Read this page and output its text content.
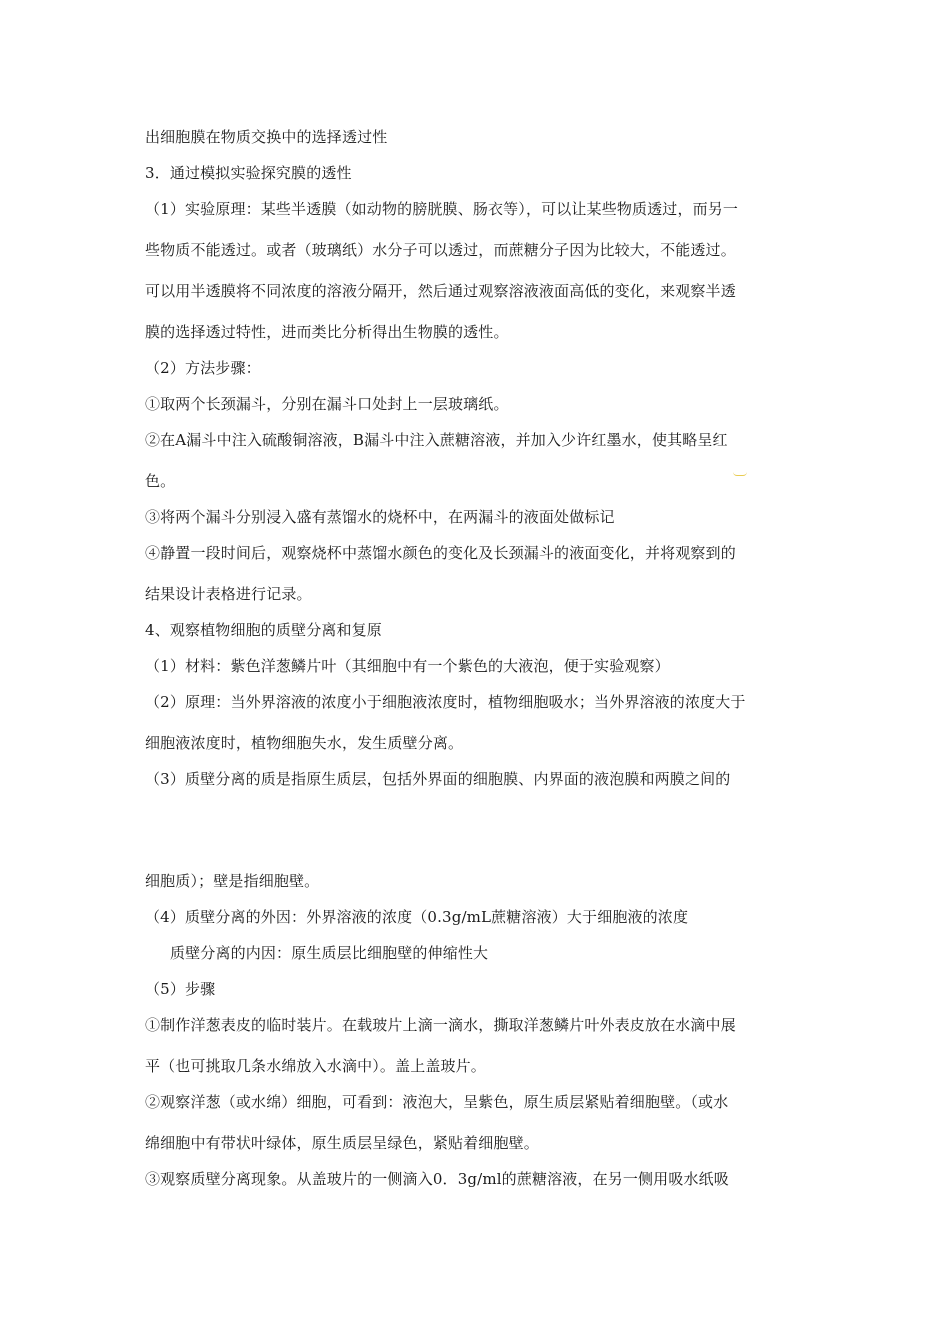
出细胞膜在物质交换中的选择透过性
3．通过模拟实验探究膜的透性
（1）实验原理：某些半透膜（如动物的膀胱膜、肠衣等），可以让某些物质透过，而另一
些物质不能透过。或者（玻璃纸）水分子可以透过，而蔗糖分子因为比较大，不能透过。
可以用半透膜将不同浓度的溶液分隔开，然后通过观察溶液液面高低的变化，来观察半透
膜的选择透过特性，进而类比分析得出生物膜的透性。
（2）方法步骤：
①取两个长颈漏斗，分别在漏斗口处封上一层玻璃纸。
②在A漏斗中注入硫酸铜溶液，B漏斗中注入蔗糖溶液，并加入少许红墨水，使其略呈红
色。
③将两个漏斗分别浸入盛有蒸馏水的烧杯中，在两漏斗的液面处做标记
④静置一段时间后，观察烧杯中蒸馏水颜色的变化及长颈漏斗的液面变化，并将观察到的
结果设计表格进行记录。
4、观察植物细胞的质壁分离和复原
（1）材料：紫色洋葱鳞片叶（其细胞中有一个紫色的大液泡，便于实验观察）
（2）原理：当外界溶液的浓度小于细胞液浓度时，植物细胞吸水；当外界溶液的浓度大于
细胞液浓度时，植物细胞失水，发生质壁分离。
（3）质壁分离的质是指原生质层，包括外界面的细胞膜、内界面的液泡膜和两膜之间的
细胞质）；壁是指细胞壁。
（4）质壁分离的外因：外界溶液的浓度（0.3g/mL蔗糖溶液）大于细胞液的浓度
质壁分离的内因：原生质层比细胞壁的伸缩性大
（5）步骤
①制作洋葱表皮的临时装片。在载玻片上滴一滴水，撕取洋葱鳞片叶外表皮放在水滴中展
平（也可挑取几条水绵放入水滴中）。盖上盖玻片。
②观察洋葱（或水绵）细胞，可看到：液泡大，呈紫色，原生质层紧贴着细胞壁。（或水
绵细胞中有带状叶绿体，原生质层呈绿色，紧贴着细胞壁。
③观察质壁分离现象。从盖玻片的一侧滴入0．3g/ml的蔗糖溶液，在另一侧用吸水纸吸
